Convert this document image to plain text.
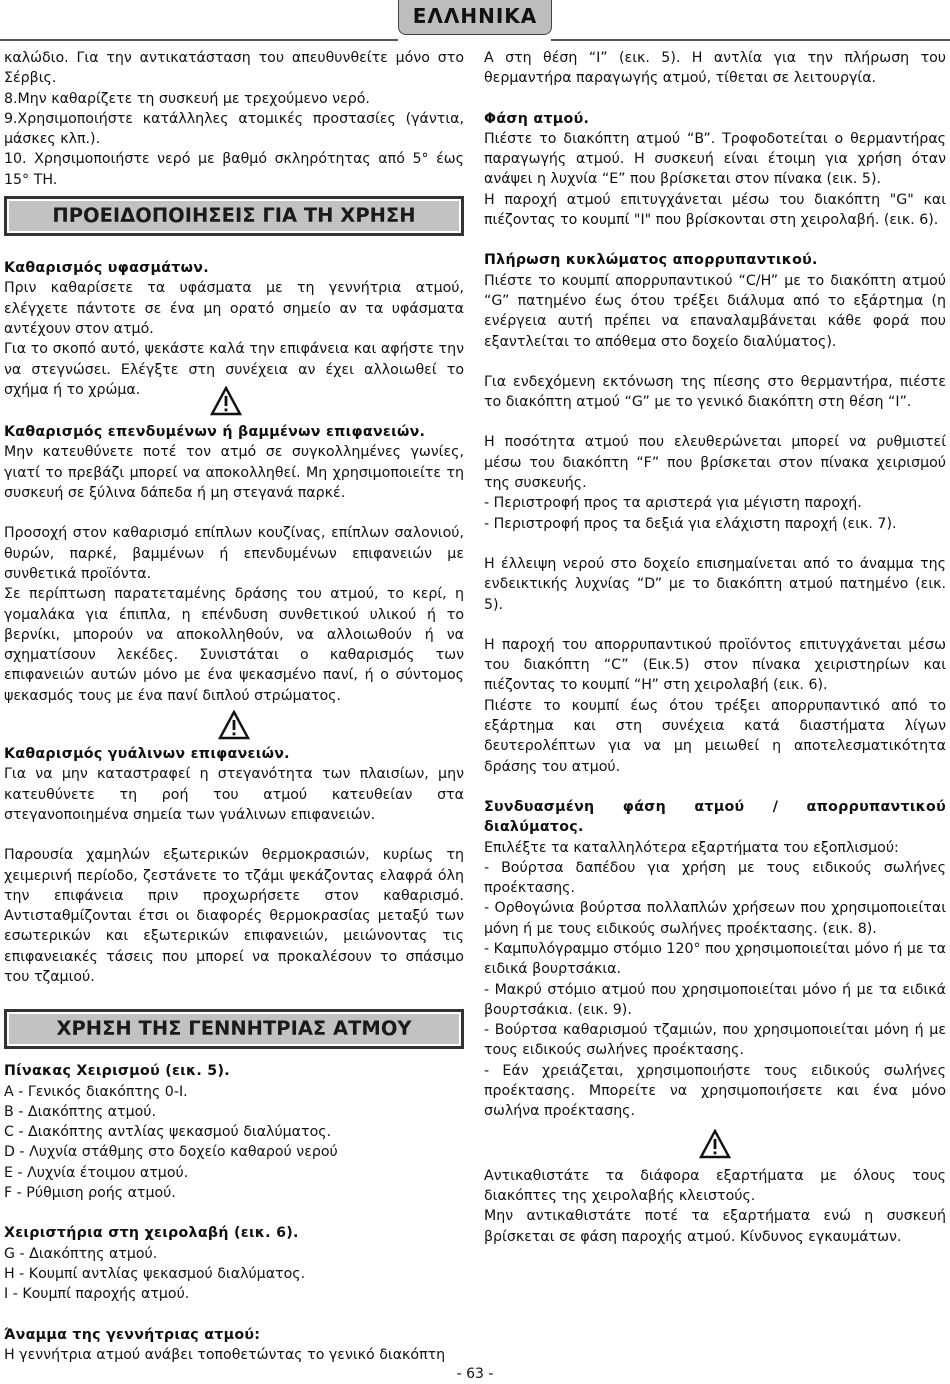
ΕΛΛΗΝΙΚΑ

καλώδιο. Για την αντικατάσταση του απευθυνθείτε μόνο στο Σέρβις.

8.Μην καθαρίζετε τη συσκευή με τρεχούμενο νερό.

9.Χρησιμοποιήστε κατάλληλες ατομικές προστασίες (γάντια, μάσκες κλπ.).

10. Χρησιμοποιήστε νερό με βαθμό σκληρότητας από 5° έως 15° TH.

ΠΡΟΕΙΔΟΠΟΙΗΣΕΙΣ ΓΙΑ ΤΗ ΧΡΗΣΗ

Καθαρισμός υφασμάτων.

Πριν καθαρίσετε τα υφάσματα με τη γεννήτρια ατμού, ελέγχετε πάντοτε σε ένα μη ορατό σημείο αν τα υφάσματα αντέχουν στον ατμό.

Για το σκοπό αυτό, ψεκάστε καλά την επιφάνεια και αφήστε την να στεγνώσει. Ελέγξτε στη συνέχεια αν έχει αλλοιωθεί το σχήμα ή το χρώμα.

Καθαρισμός επενδυμένων ή βαμμένων επιφανειών.

Μην κατευθύνετε ποτέ τον ατμό σε συγκολλημένες γωνίες, γιατί το πρεβάζι μπορεί να αποκολληθεί. Μη χρησιμοποιείτε τη συσκευή σε ξύλινα δάπεδα ή μη στεγανά παρκέ.

Προσοχή στον καθαρισμό επίπλων κουζίνας, επίπλων σαλονιού, θυρών, παρκέ, βαμμένων ή επενδυμένων επιφανειών με συνθετικά προϊόντα.

Σε περίπτωση παρατεταμένης δράσης του ατμού, το κερί, η γομαλάκα για έπιπλα, η επένδυση συνθετικού υλικού ή το βερνίκι, μπορούν να αποκολληθούν, να αλλοιωθούν ή να σχηματίσουν λεκέδες. Συνιστάται ο καθαρισμός των επιφανειών αυτών μόνο με ένα ψεκασμένο πανί, ή ο σύντομος ψεκασμός τους με ένα πανί διπλού στρώματος.

Καθαρισμός γυάλινων επιφανειών.

Για να μην καταστραφεί η στεγανότητα των πλαισίων, μην κατευθύνετε τη ροή του ατμού κατευθείαν στα στεγανοποιημένα σημεία των γυάλινων επιφανειών.

Παρουσία χαμηλών εξωτερικών θερμοκρασιών, κυρίως τη χειμερινή περίοδο, ζεστάνετε το τζάμι ψεκάζοντας ελαφρά όλη την επιφάνεια πριν προχωρήσετε στον καθαρισμό. Αντισταθμίζονται έτσι οι διαφορές θερμοκρασίας μεταξύ των εσωτερικών και εξωτερικών επιφανειών, μειώνοντας τις επιφανειακές τάσεις που μπορεί να προκαλέσουν το σπάσιμο του τζαμιού.

ΧΡΗΣΗ ΤΗΣ ΓΕΝΝΗΤΡΙΑΣ ΑΤΜΟΥ

Πίνακας Χειρισμού (εικ. 5).

A - Γενικός διακόπτης 0-I.

B - Διακόπτης ατμού.

C - Διακόπτης αντλίας ψεκασμού διαλύματος.

D - Λυχνία στάθμης στο δοχείο καθαρού νερού

E - Λυχνία έτοιμου ατμού.

F - Ρύθμιση ροής ατμού.

Χειριστήρια στη χειρολαβή (εικ. 6).

G - Διακόπτης ατμού.

H - Κουμπί αντλίας ψεκασμού διαλύματος.

I - Κουμπί παροχής ατμού.

Άναμμα της γεννήτριας ατμού:

Η γεννήτρια ατμού ανάβει τοποθετώντας το γενικό διακόπτη

A στη θέση “I” (εικ. 5). Η αντλία για την πλήρωση του θερμαντήρα παραγωγής ατμού, τίθεται σε λειτουργία.

Φάση ατμού.

Πιέστε το διακόπτη ατμού “B”. Τροφοδοτείται ο θερμαντήρας παραγωγής ατμού. Η συσκευή είναι έτοιμη για χρήση όταν ανάψει η λυχνία “E” που βρίσκεται στον πίνακα (εικ. 5).

Η παροχή ατμού επιτυγχάνεται μέσω του διακόπτη "G" και πιέζοντας το κουμπί "I" που βρίσκονται στη χειρολαβή. (εικ. 6).

Πλήρωση κυκλώματος απορρυπαντικού.

Πιέστε το κουμπί απορρυπαντικού “C/H” με το διακόπτη ατμού “G” πατημένο έως ότου τρέξει διάλυμα από το εξάρτημα (η ενέργεια αυτή πρέπει να επαναλαμβάνεται κάθε φορά που εξαντλείται το απόθεμα στο δοχείο διαλύματος).

Για ενδεχόμενη εκτόνωση της πίεσης στο θερμαντήρα, πιέστε το διακόπτη ατμού “G” με το γενικό διακόπτη στη θέση “I”.

Η ποσότητα ατμού που ελευθερώνεται μπορεί να ρυθμιστεί μέσω του διακόπτη “F” που βρίσκεται στον πίνακα χειρισμού της συσκευής.

- Περιστροφή προς τα αριστερά για μέγιστη παροχή.

- Περιστροφή προς τα δεξιά για ελάχιστη παροχή (εικ. 7).

Η έλλειψη νερού στο δοχείο επισημαίνεται από το άναμμα της ενδεικτικής λυχνίας “D” με το διακόπτη ατμού πατημένο (εικ. 5).

Η παροχή του απορρυπαντικού προϊόντος επιτυγχάνεται μέσω του διακόπτη “C” (Εικ.5) στον πίνακα χειριστηρίων και πιέζοντας το κουμπί “H” στη χειρολαβή (εικ. 6).

Πιέστε το κουμπί έως ότου τρέξει απορρυπαντικό από το εξάρτημα και στη συνέχεια κατά διαστήματα λίγων δευτερολέπτων για να μη μειωθεί η αποτελεσματικότητα δράσης του ατμού.

Συνδυασμένη φάση ατμού / απορρυπαντικού διαλύματος.

Επιλέξτε τα καταλληλότερα εξαρτήματα του εξοπλισμού:

- Βούρτσα δαπέδου για χρήση με τους ειδικούς σωλήνες προέκτασης.

- Ορθογώνια βούρτσα πολλαπλών χρήσεων που χρησιμοποιείται μόνη ή με τους ειδικούς σωλήνες προέκτασης. (εικ. 8).

- Καμπυλόγραμμο στόμιο 120° που χρησιμοποιείται μόνο ή με τα ειδικά βουρτσάκια.

- Μακρύ στόμιο ατμού που χρησιμοποιείται μόνο ή με τα ειδικά βουρτσάκια. (εικ. 9).

- Βούρτσα καθαρισμού τζαμιών, που χρησιμοποιείται μόνη ή με τους ειδικούς σωλήνες προέκτασης.

- Εάν χρειάζεται, χρησιμοποιήστε τους ειδικούς σωλήνες προέκτασης. Μπορείτε να χρησιμοποιήσετε και ένα μόνο σωλήνα προέκτασης.

Αντικαθιστάτε τα διάφορα εξαρτήματα με όλους τους διακόπτες της χειρολαβής κλειστούς.

Μην αντικαθιστάτε ποτέ τα εξαρτήματα ενώ η συσκευή βρίσκεται σε φάση παροχής ατμού. Κίνδυνος εγκαυμάτων.

- 63 -
